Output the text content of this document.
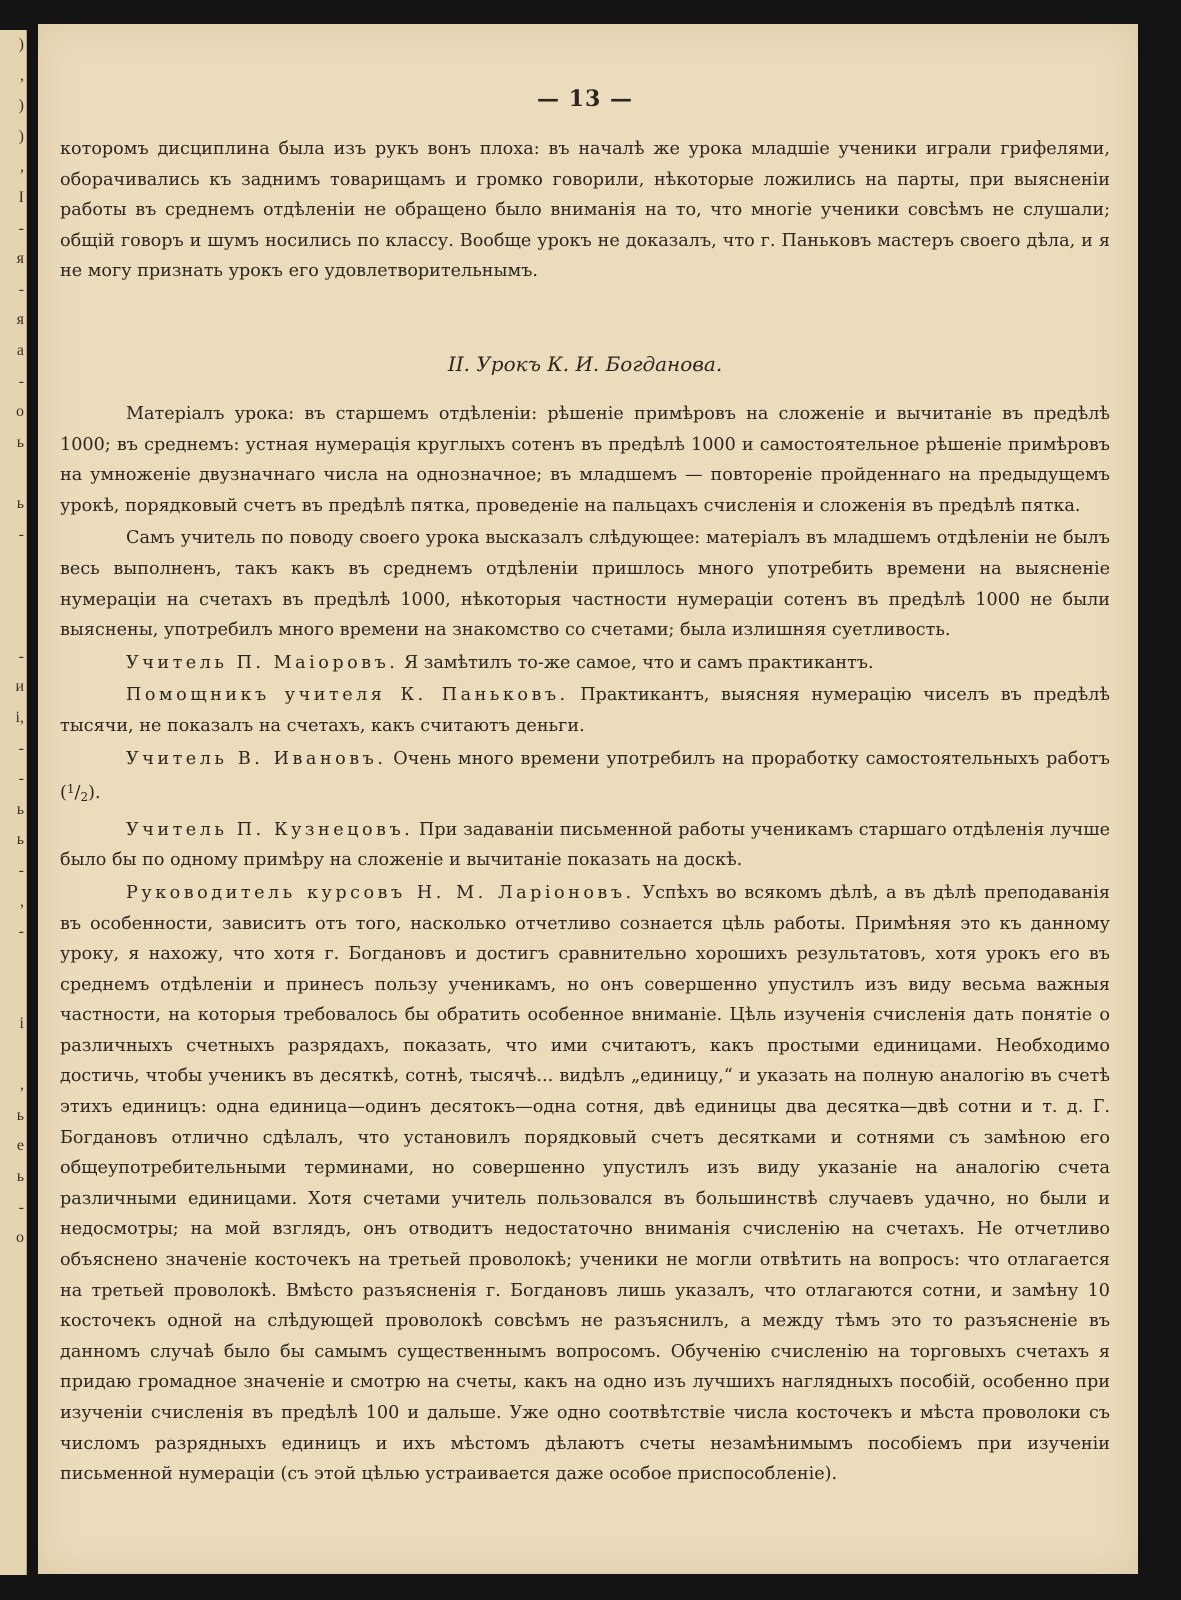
)
,
)
)
,
I
-
я
-
я
а
-
о
ь

ь
-

-
и
і,
-
-
ь
ь
-
,
-

і

,
ь
е
ь
-
о
— 13 —

которомъ дисциплина была изъ рукъ вонъ плоха: въ началѣ же урока младшіе ученики играли грифелями, оборачивались къ заднимъ товарищамъ и громко говорили, нѣкоторые ложились на парты, при выясненіи работы въ среднемъ отдѣленіи не обращено было вниманія на то, что многіе ученики совсѣмъ не слушали; общій говоръ и шумъ носились по классу. Вообще урокъ не доказалъ, что г. Паньковъ мастеръ своего дѣла, и я не могу признать урокъ его удовлетворительнымъ.

II. Урокъ К. И. Богданова.

Матеріалъ урока: въ старшемъ отдѣленіи: рѣшеніе примѣровъ на сложеніе и вычитаніе въ предѣлѣ 1000; въ среднемъ: устная нумерація круглыхъ сотенъ въ предѣлѣ 1000 и самостоятельное рѣшеніе примѣровъ на умноженіе двузначнаго числа на однозначное; въ младшемъ — повтореніе пройденнаго на предыдущемъ урокѣ, порядковый счетъ въ предѣлѣ пятка, проведеніе на пальцахъ счисленія и сложенія въ предѣлѣ пятка.

Самъ учитель по поводу своего урока высказалъ слѣдующее: матеріалъ въ младшемъ отдѣленіи не былъ весь выполненъ, такъ какъ въ среднемъ отдѣленіи пришлось много употребить времени на выясненіе нумераціи на счетахъ въ предѣлѣ 1000, нѣкоторыя частности нумераціи сотенъ въ предѣлѣ 1000 не были выяснены, употребилъ много времени на знакомство со счетами; была излишняя суетливость.

Учитель П. Маіоровъ. Я замѣтилъ то-же самое, что и самъ практикантъ.

Помощникъ учителя К. Паньковъ. Практикантъ, выясняя нумерацію чиселъ въ предѣлѣ тысячи, не показалъ на счетахъ, какъ считаютъ деньги.

Учитель В. Ивановъ. Очень много времени употребилъ на проработку самостоятельныхъ работъ $(^1/_2)$.

Учитель П. Кузнецовъ. При задаваніи письменной работы ученикамъ старшаго отдѣленія лучше было бы по одному примѣру на сложеніе и вычитаніе показать на доскѣ.

Руководитель курсовъ Н. М. Ларіоновъ. Успѣхъ во всякомъ дѣлѣ, а въ дѣлѣ преподаванія въ особенности, зависитъ отъ того, насколько отчетливо сознается цѣль работы. Примѣняя это къ данному уроку, я нахожу, что хотя г. Богдановъ и достигъ сравнительно хорошихъ результатовъ, хотя урокъ его въ среднемъ отдѣленіи и принесъ пользу ученикамъ, но онъ совершенно упустилъ изъ виду весьма важныя частности, на которыя требовалось бы обратить особенное вниманіе. Цѣль изученія счисленія дать понятіе о различныхъ счетныхъ разрядахъ, показать, что ими считаютъ, какъ простыми единицами. Необходимо достичь, чтобы ученикъ въ десяткѣ, сотнѣ, тысячѣ... видѣлъ „единицу,“ и указать на полную аналогію въ счетѣ этихъ единицъ: одна единица—одинъ десятокъ—одна сотня, двѣ единицы два десятка—двѣ сотни и т. д. Г. Богдановъ отлично сдѣлалъ, что установилъ порядковый счетъ десятками и сотнями съ замѣною его общеупотребительными терминами, но совершенно упустилъ изъ виду указаніе на аналогію счета различными единицами. Хотя счетами учитель пользовался въ большинствѣ случаевъ удачно, но были и недосмотры; на мой взглядъ, онъ отводитъ недостаточно вниманія счисленію на счетахъ. Не отчетливо объяснено значеніе косточекъ на третьей проволокѣ; ученики не могли отвѣтить на вопросъ: что отлагается на третьей проволокѣ. Вмѣсто разъясненія г. Богдановъ лишь указалъ, что отлагаются сотни, и замѣну 10 косточекъ одной на слѣдующей проволокѣ совсѣмъ не разъяснилъ, а между тѣмъ это то разъясненіе въ данномъ случаѣ было бы самымъ существеннымъ вопросомъ. Обученію счисленію на торговыхъ счетахъ я придаю громадное значеніе и смотрю на счеты, какъ на одно изъ лучшихъ наглядныхъ пособій, особенно при изученіи счисленія въ предѣлѣ 100 и дальше. Уже одно соотвѣтствіе числа косточекъ и мѣста проволоки съ числомъ разрядныхъ единицъ и ихъ мѣстомъ дѣлаютъ счеты незамѣнимымъ пособіемъ при изученіи письменной нумераціи (съ этой цѣлью устраивается даже особое приспособленіе).
